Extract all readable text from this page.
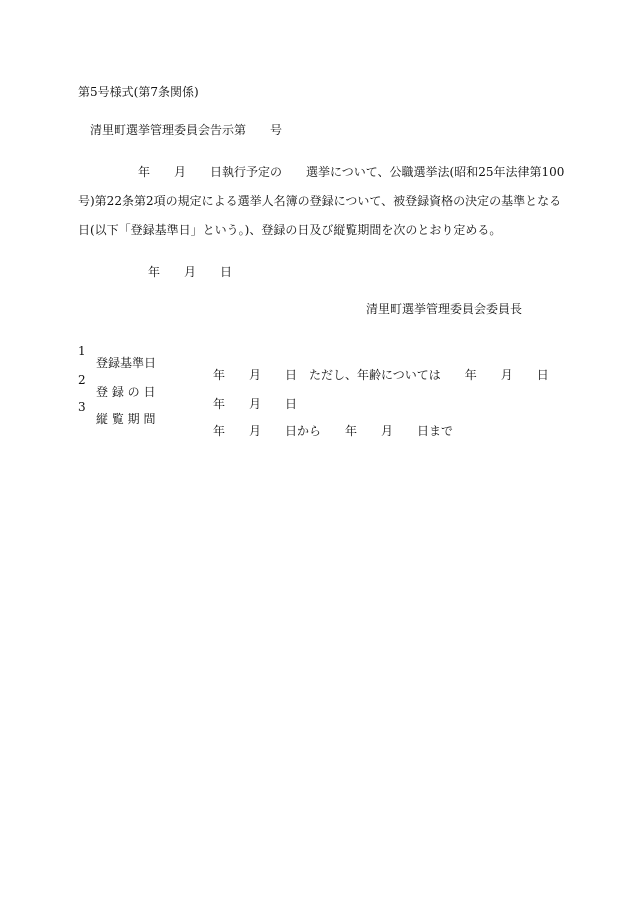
第5号様式(第7条関係)
清里町選挙管理委員会告示第　　号
　　　　　年　　月　　日執行予定の　　選挙について、公職選挙法(昭和25年法律第100
号)第22条第2項の規定による選挙人名簿の登録について、被登録資格の決定の基準となる
日(以下「登録基準日」という。)、登録の日及び縦覧期間を次のとおり定める。
年　　月　　日
清里町選挙管理委員会委員長

1

登録基準日

年　　月　　日　ただし、年齢については　　年　　月　　日

2

登 録 の 日

年　　月　　日

3

縦 覧 期 間

年　　月　　日から　　年　　月　　日まで
